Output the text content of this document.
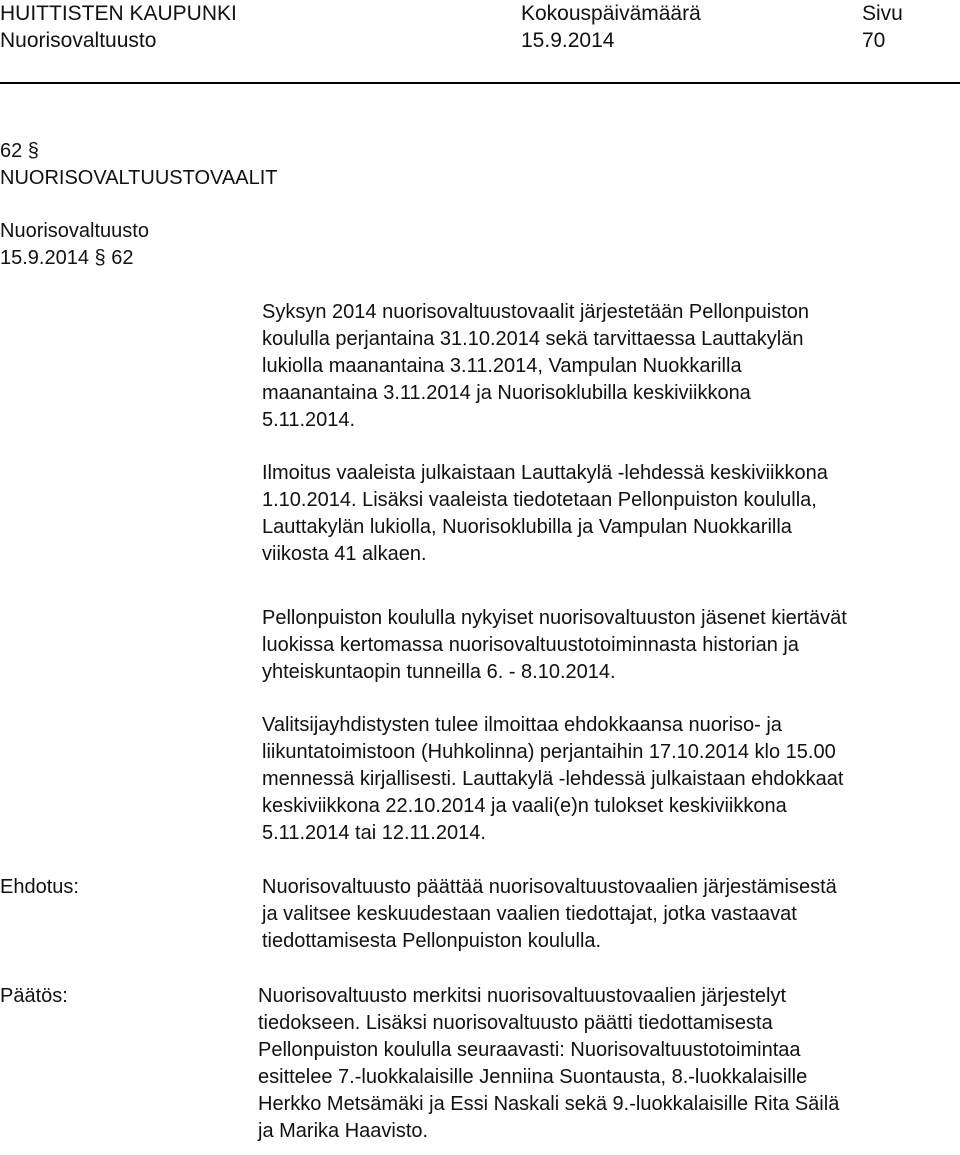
HUITTISTEN KAUPUNKI
Nuorisovaltuusto
Kokouspäivämäärä
15.9.2014
Sivu
70
62 §
NUORISOVALTUUSTOVAALIT
Nuorisovaltuusto
15.9.2014 § 62
Syksyn 2014 nuorisovaltuustovaalit järjestetään Pellonpuiston
koululla perjantaina 31.10.2014 sekä tarvittaessa Lauttakylän
lukiolla maanantaina 3.11.2014, Vampulan Nuokkarilla
maanantaina 3.11.2014 ja Nuorisoklubilla keskiviikkona
5.11.2014.
Ilmoitus vaaleista julkaistaan Lauttakylä -lehdessä keskiviikkona
1.10.2014. Lisäksi vaaleista tiedotetaan Pellonpuiston koululla,
Lauttakylän lukiolla, Nuorisoklubilla ja Vampulan Nuokkarilla
viikosta 41 alkaen.
Pellonpuiston koululla nykyiset nuorisovaltuuston jäsenet kiertävät
luokissa kertomassa nuorisovaltuustotoiminnasta historian ja
yhteiskuntaopin tunneilla 6. - 8.10.2014.
Valitsijayhdistysten tulee ilmoittaa ehdokkaansa nuoriso- ja
liikuntatoimistoon (Huhkolinna) perjantaihin 17.10.2014 klo 15.00
mennessä kirjallisesti. Lauttakylä -lehdessä julkaistaan ehdokkaat
keskiviikkona 22.10.2014 ja vaali(e)n tulokset keskiviikkona
5.11.2014 tai 12.11.2014.
Ehdotus:	Nuorisovaltuusto päättää nuorisovaltuustovaalien järjestämisestä
ja valitsee keskuudestaan vaalien tiedottajat, jotka vastaavat
tiedottamisesta Pellonpuiston koululla.
Päätös:	Nuorisovaltuusto merkitsi nuorisovaltuustovaalien järjestelyt
tiedokseen. Lisäksi nuorisovaltuusto päätti tiedottamisesta
Pellonpuiston koululla seuraavasti: Nuorisovaltuustotoimintaa
esittelee 7.-luokkalaisille Jenniina Suontausta, 8.-luokkalaisille
Herkko Metsämäki ja Essi Naskali sekä 9.-luokkalaisille Rita Säilä
ja Marika Haavisto.
